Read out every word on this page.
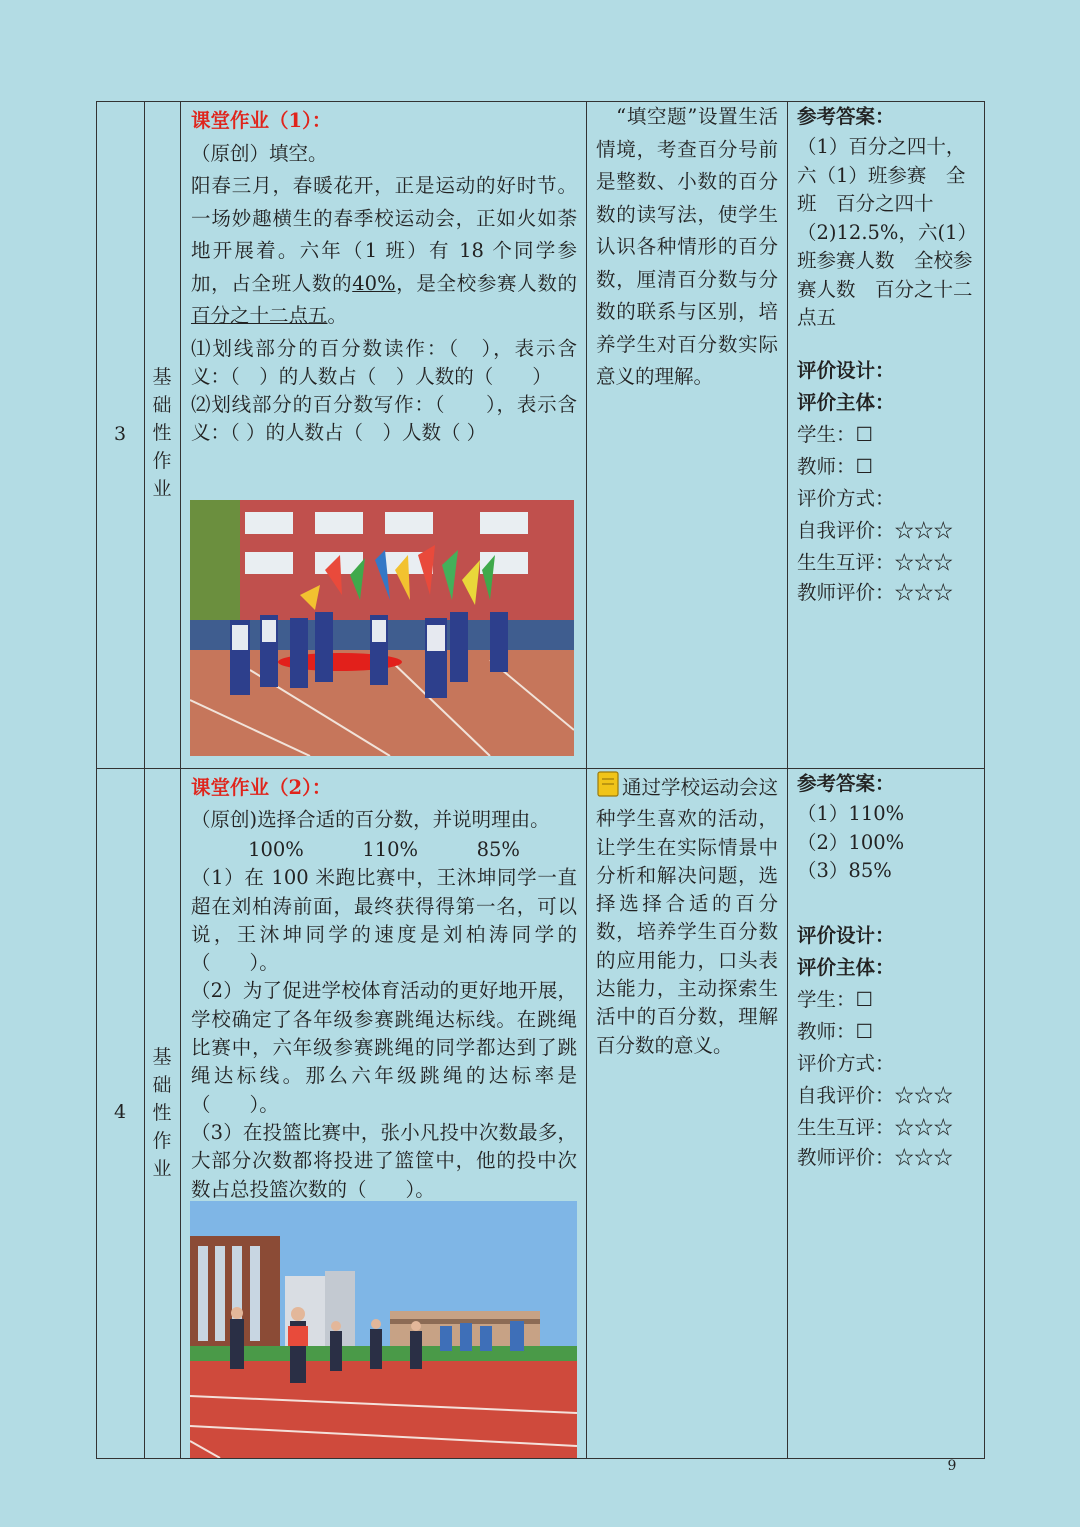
3
基
础
性
作
业

课堂作业（1）：

（原创）填空。

阳春三月，春暖花开，正是运动的好时节。一场妙趣横生的春季校运动会，正如火如荼地开展着。六年（1 班）有 18 个同学参加，占全班人数的40%，是全校参赛人数的百分之十二点五。

⑴划线部分的百分数读作：（　），表示含义：（　）的人数占（　）人数的（　　）

⑵划线部分的百分数写作：（　　），表示含义：（ ）的人数占（　）人数（ ）

　“填空题”设置生活情境，考查百分号前是整数、小数的百分数的读写法，使学生认识各种情形的百分数，厘清百分数与分数的联系与区别，培养学生对百分数实际意义的理解。

参考答案：

（1）百分之四十，六（1）班参赛　全班　百分之四十

（2)12.5%，六(1）班参赛人数　全校参赛人数　百分之十二点五

评价设计：

评价主体：

学生：☐

教师：☐

评价方式：

自我评价：☆☆☆

生生互评：☆☆☆

教师评价：☆☆☆

4
基
础
性
作
业

课堂作业（2）：

（原创)选择合适的百分数，并说明理由。

100%　　　110%　　　85%

（1）在 100 米跑比赛中，王沐坤同学一直超在刘柏涛前面，最终获得得第一名，可以说，王沐坤同学的速度是刘柏涛同学的（　　）。

（2）为了促进学校体育活动的更好地开展，学校确定了各年级参赛跳绳达标线。在跳绳比赛中，六年级参赛跳绳的同学都达到了跳绳达标线。那么六年级跳绳的达标率是（　　）。

（3）在投篮比赛中，张小凡投中次数最多，大部分次数都将投进了篮筐中，他的投中次数占总投篮次数的（　　）。

通过学校运动会这种学生喜欢的活动，让学生在实际情景中分析和解决问题，选择选择合适的百分数，培养学生百分数的应用能力，口头表达能力，主动探索生活中的百分数，理解百分数的意义。

参考答案：

（1）110%

（2）100%

（3）85%

评价设计：

评价主体：

学生：☐

教师：☐

评价方式：

自我评价：☆☆☆

生生互评：☆☆☆

教师评价：☆☆☆

9
